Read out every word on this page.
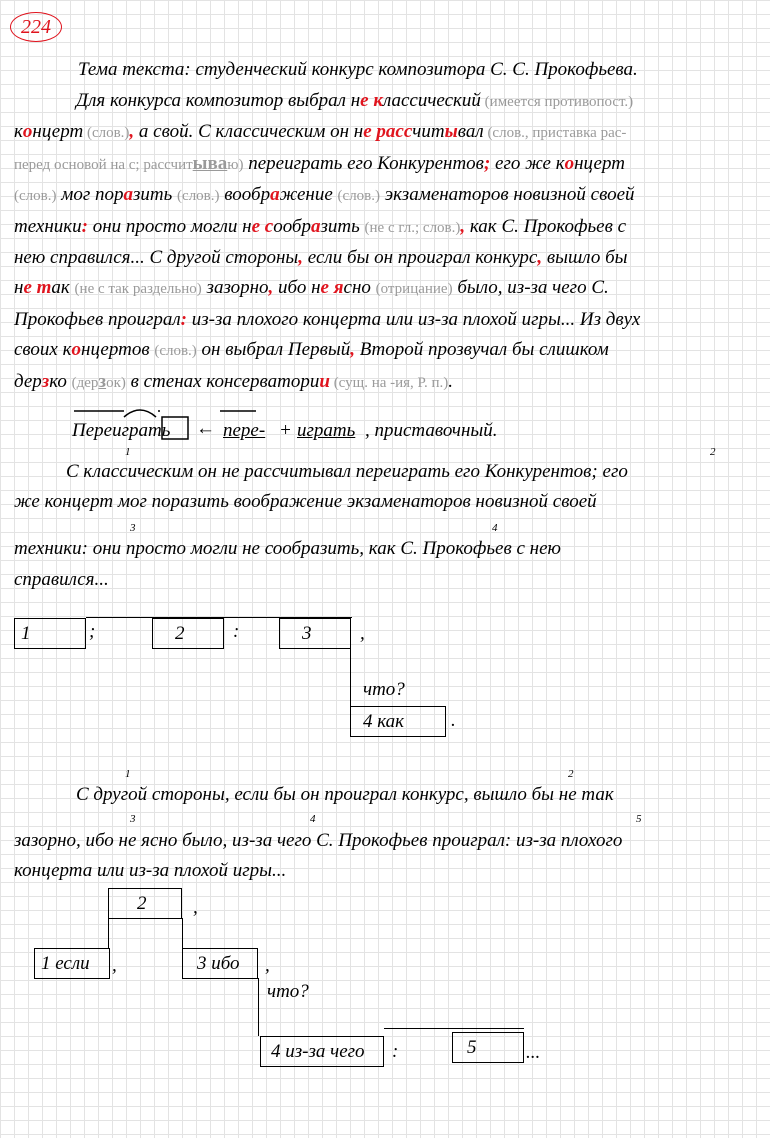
224
Тема текста: студенческий конкурс композитора С. С. Прокофьева.
Для конкурса композитор выбрал не классический (имеется противопост.)
концерт (слов.), а свой. С классическим он не рассчитывал (слов., приставка рас-
перед основой на с; рассчитываю) переиграть его Конкурентов; его же концерт
(слов.) мог поразить (слов.) воображение (слов.) экзаменаторов новизной своей
техники: они просто могли не сообразить (не с гл.; слов.), как С. Прокофьев с
нею справился... С другой стороны, если бы он проиграл конкурс, вышло бы
не так (не с так раздельно) зазорно, ибо не ясно (отрицание) было, из-за чего С.
Прокофьев проиграл: из-за плохого концерта или из-за плохой игры... Из двух
своих концертов (слов.) он выбрал Первый, Второй прозвучал бы слишком
дерзко (дерзок) в стенах консерватории (сущ. на -ия, Р. п.).
Переиграть ← пере- + играть , приставочный.
1	2
С классическим он не рассчитывал переиграть его Конкурентов; его
же концерт мог поразить воображение экзаменаторов новизной своей
3	4
техники: они просто могли не сообразить, как С. Прокофьев с нею
справился...
1	;	2	:	3	,
что?
4 как	.
1	2
С другой стороны, если бы он проиграл конкурс, вышло бы не так
3	4	5
зазорно, ибо не ясно было, из-за чего С. Прокофьев проиграл: из-за плохого
концерта или из-за плохой игры...
2	,
1 если	,	3 ибо	,
что?
4 из-за чего	:	5	...
